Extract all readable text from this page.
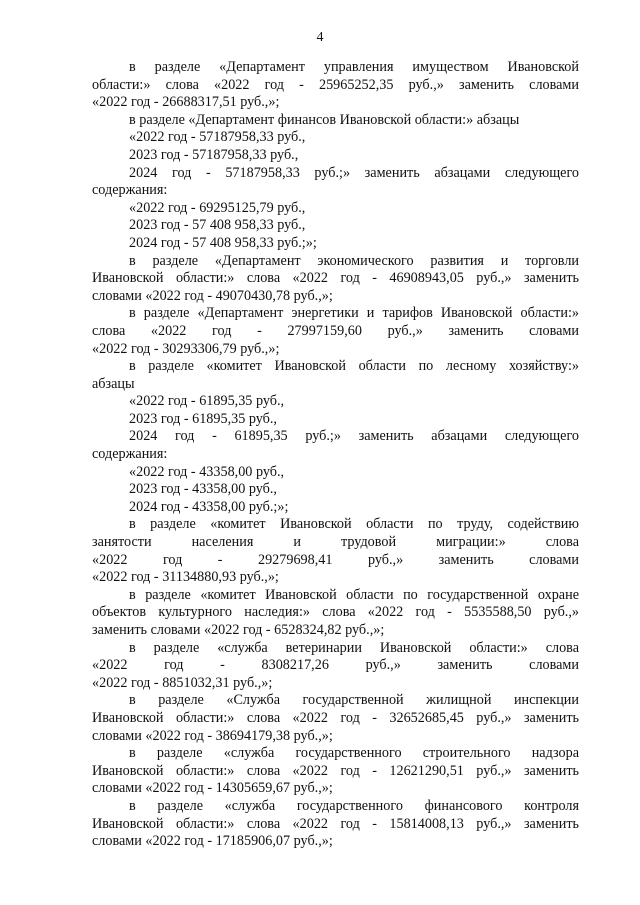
4
в разделе «Департамент управления имуществом Ивановской
области:» слова «2022 год - 25965252,35 руб.,» заменить словами
«2022 год - 26688317,51 руб.,»;
в разделе «Департамент финансов Ивановской области:» абзацы
«2022 год - 57187958,33 руб.,
2023 год - 57187958,33 руб.,
2024 год - 57187958,33 руб.;» заменить абзацами следующего
содержания:
«2022 год - 69295125,79 руб.,
2023 год - 57 408 958,33 руб.,
2024 год - 57 408 958,33 руб.;»;
в разделе «Департамент экономического развития и торговли
Ивановской области:» слова «2022 год - 46908943,05 руб.,» заменить
словами «2022 год - 49070430,78 руб.,»;
в разделе «Департамент энергетики и тарифов Ивановской области:»
слова «2022 год - 27997159,60 руб.,» заменить словами
«2022 год - 30293306,79 руб.,»;
в разделе «комитет Ивановской области по лесному хозяйству:»
абзацы
«2022 год - 61895,35 руб.,
2023 год - 61895,35 руб.,
2024 год - 61895,35 руб.;» заменить абзацами следующего
содержания:
«2022 год - 43358,00 руб.,
2023 год - 43358,00 руб.,
2024 год - 43358,00 руб.;»;
в разделе «комитет Ивановской области по труду, содействию
занятости населения и трудовой миграции:» слова
«2022 год - 29279698,41 руб.,» заменить словами
«2022 год - 31134880,93 руб.,»;
в разделе «комитет Ивановской области по государственной охране
объектов культурного наследия:» слова «2022 год - 5535588,50 руб.,»
заменить словами «2022 год - 6528324,82 руб.,»;
в разделе «служба ветеринарии Ивановской области:» слова
«2022 год - 8308217,26 руб.,» заменить словами
«2022 год - 8851032,31 руб.,»;
в разделе «Служба государственной жилищной инспекции
Ивановской области:» слова «2022 год - 32652685,45 руб.,» заменить
словами «2022 год - 38694179,38 руб.,»;
в разделе «служба государственного строительного надзора
Ивановской области:» слова «2022 год - 12621290,51 руб.,» заменить
словами «2022 год - 14305659,67 руб.,»;
в разделе «служба государственного финансового контроля
Ивановской области:» слова «2022 год - 15814008,13 руб.,» заменить
словами «2022 год - 17185906,07 руб.,»;
